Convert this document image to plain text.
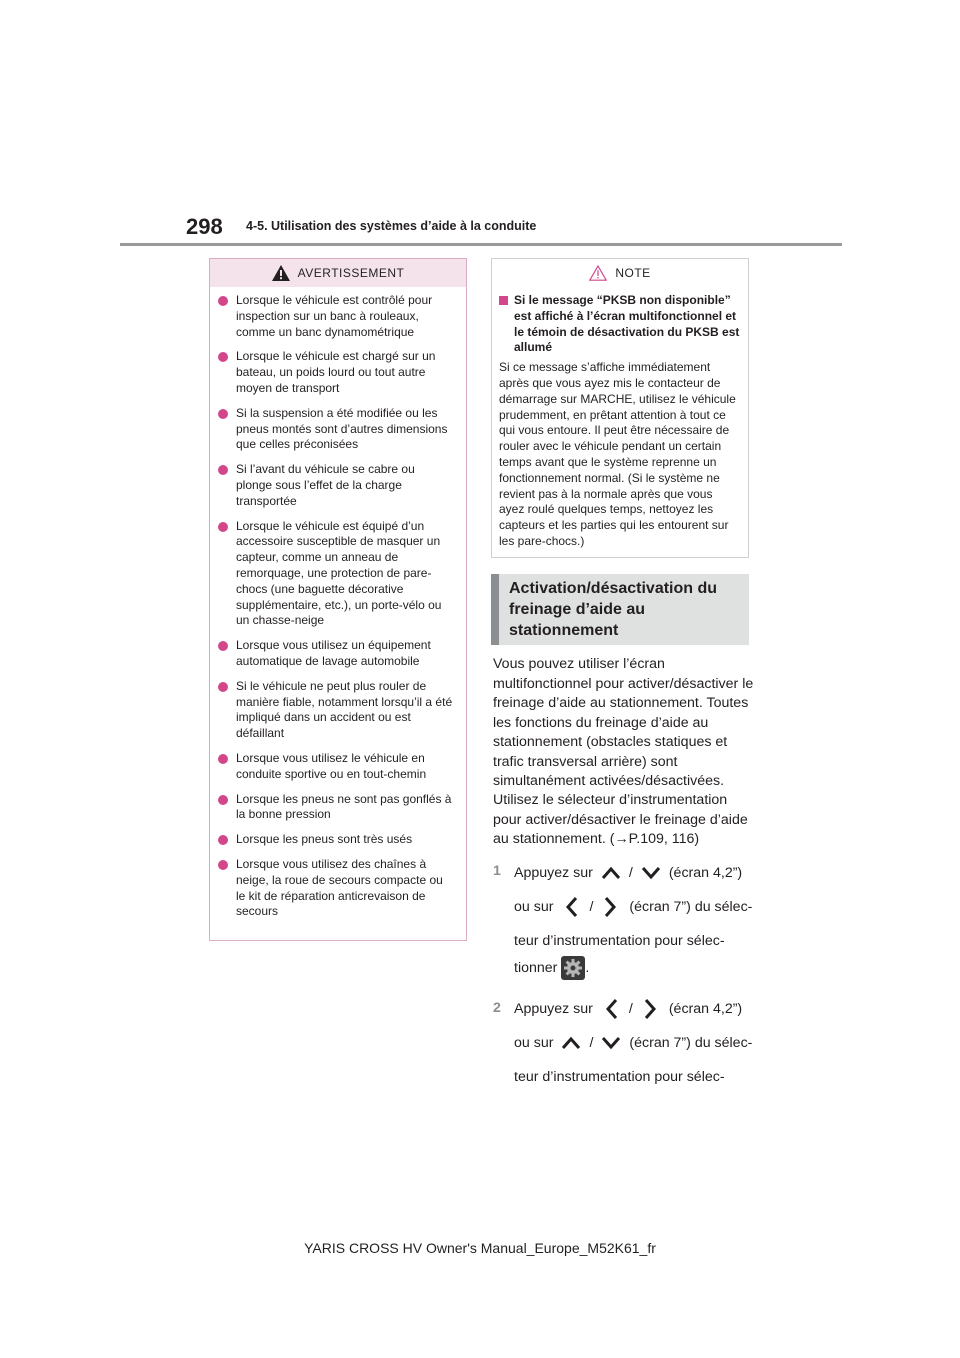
298 4-5. Utilisation des systèmes d’aide à la conduite
AVERTISSEMENT
Lorsque le véhicule est contrôlé pour inspection sur un banc à rouleaux, comme un banc dynamométrique
Lorsque le véhicule est chargé sur un bateau, un poids lourd ou tout autre moyen de transport
Si la suspension a été modifiée ou les pneus montés sont d’autres dimensions que celles préconisées
Si l’avant du véhicule se cabre ou plonge sous l’effet de la charge transportée
Lorsque le véhicule est équipé d’un accessoire susceptible de masquer un capteur, comme un anneau de remorquage, une protection de pare-chocs (une baguette décorative supplémentaire, etc.), un porte-vélo ou un chasse-neige
Lorsque vous utilisez un équipement automatique de lavage automobile
Si le véhicule ne peut plus rouler de manière fiable, notamment lorsqu’il a été impliqué dans un accident ou est défaillant
Lorsque vous utilisez le véhicule en conduite sportive ou en tout-chemin
Lorsque les pneus ne sont pas gonflés à la bonne pression
Lorsque les pneus sont très usés
Lorsque vous utilisez des chaînes à neige, la roue de secours compacte ou le kit de réparation anticrevaison de secours
NOTE
Si le message “PKSB non disponible” est affiché à l’écran multifonctionnel et le témoin de désactivation du PKSB est allumé
Si ce message s’affiche immédiatement après que vous ayez mis le contacteur de démarrage sur MARCHE, utilisez le véhicule prudemment, en prêtant attention à tout ce qui vous entoure. Il peut être nécessaire de rouler avec le véhicule pendant un certain temps avant que le système reprenne un fonctionnement normal. (Si le système ne revient pas à la normale après que vous ayez roulé quelques temps, nettoyez les capteurs et les parties qui les entourent sur les pare-chocs.)
Activation/désactivation du freinage d’aide au stationnement
Vous pouvez utiliser l’écran multifonctionnel pour activer/désactiver le freinage d’aide au stationnement. Toutes les fonctions du freinage d’aide au stationnement (obstacles statiques et trafic transversal arrière) sont simultanément activées/désactivées.
Utilisez le sélecteur d’instrumentation pour activer/désactiver le freinage d’aide au stationnement. (→P.109, 116)
1 Appuyez sur	/	(écran 4,2”)
ou sur	/	(écran 7”) du sélec-
teur d’instrumentation pour sélec-
tionner .
2 Appuyez sur	/	(écran 4,2”)
ou sur	/	(écran 7”) du sélec-
teur d’instrumentation pour sélec-
YARIS CROSS HV Owner's Manual_Europe_M52K61_fr
